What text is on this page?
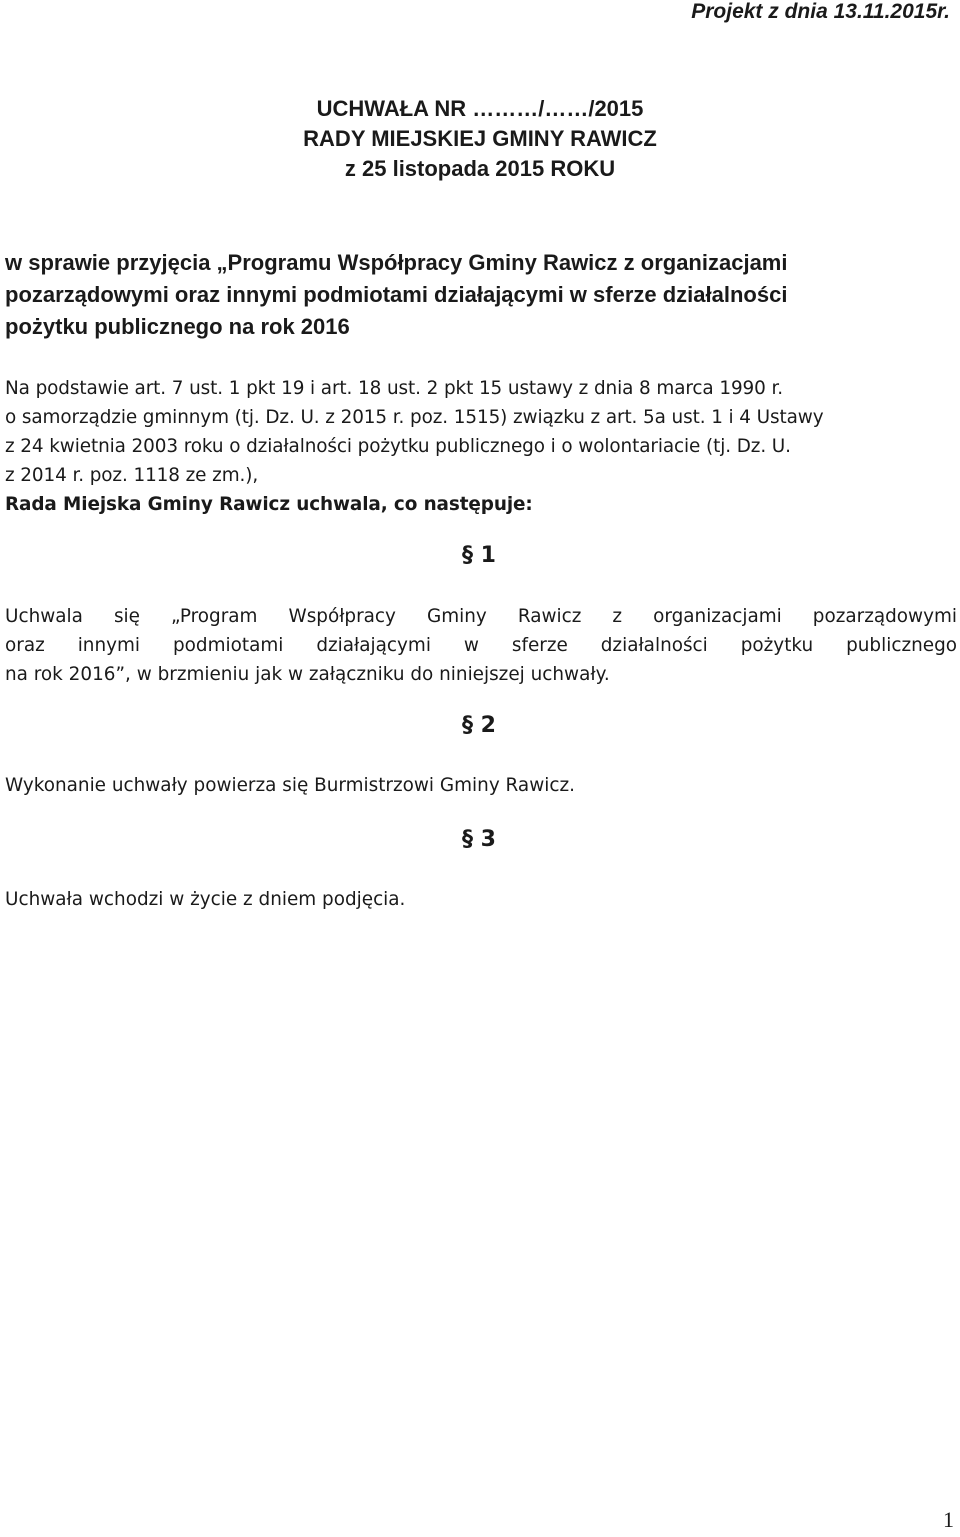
Projekt z dnia 13.11.2015r.
UCHWAŁA NR ………/……/2015
RADY MIEJSKIEJ GMINY RAWICZ
z 25 listopada 2015 ROKU
w sprawie przyjęcia „Programu Współpracy Gminy Rawicz z organizacjami
pozarządowymi oraz innymi podmiotami działającymi w sferze działalności
pożytku publicznego na rok 2016
Na podstawie art. 7 ust. 1 pkt 19 i art. 18 ust. 2 pkt 15 ustawy z dnia 8 marca 1990 r.
o samorządzie gminnym (tj. Dz. U. z 2015 r. poz. 1515) związku z art. 5a ust. 1 i 4 Ustawy
z 24 kwietnia 2003 roku o działalności pożytku publicznego i o wolontariacie (tj. Dz. U.
z 2014 r. poz. 1118 ze zm.),
Rada Miejska Gminy Rawicz uchwala, co następuje:
§ 1
Uchwala się „Program Współpracy Gminy Rawicz z organizacjami pozarządowymi
oraz innymi podmiotami działającymi w sferze działalności pożytku publicznego
na rok 2016”, w brzmieniu jak w załączniku do niniejszej uchwały.
§ 2
Wykonanie uchwały powierza się Burmistrzowi Gminy Rawicz.
§ 3
Uchwała wchodzi w życie z dniem podjęcia.
1
